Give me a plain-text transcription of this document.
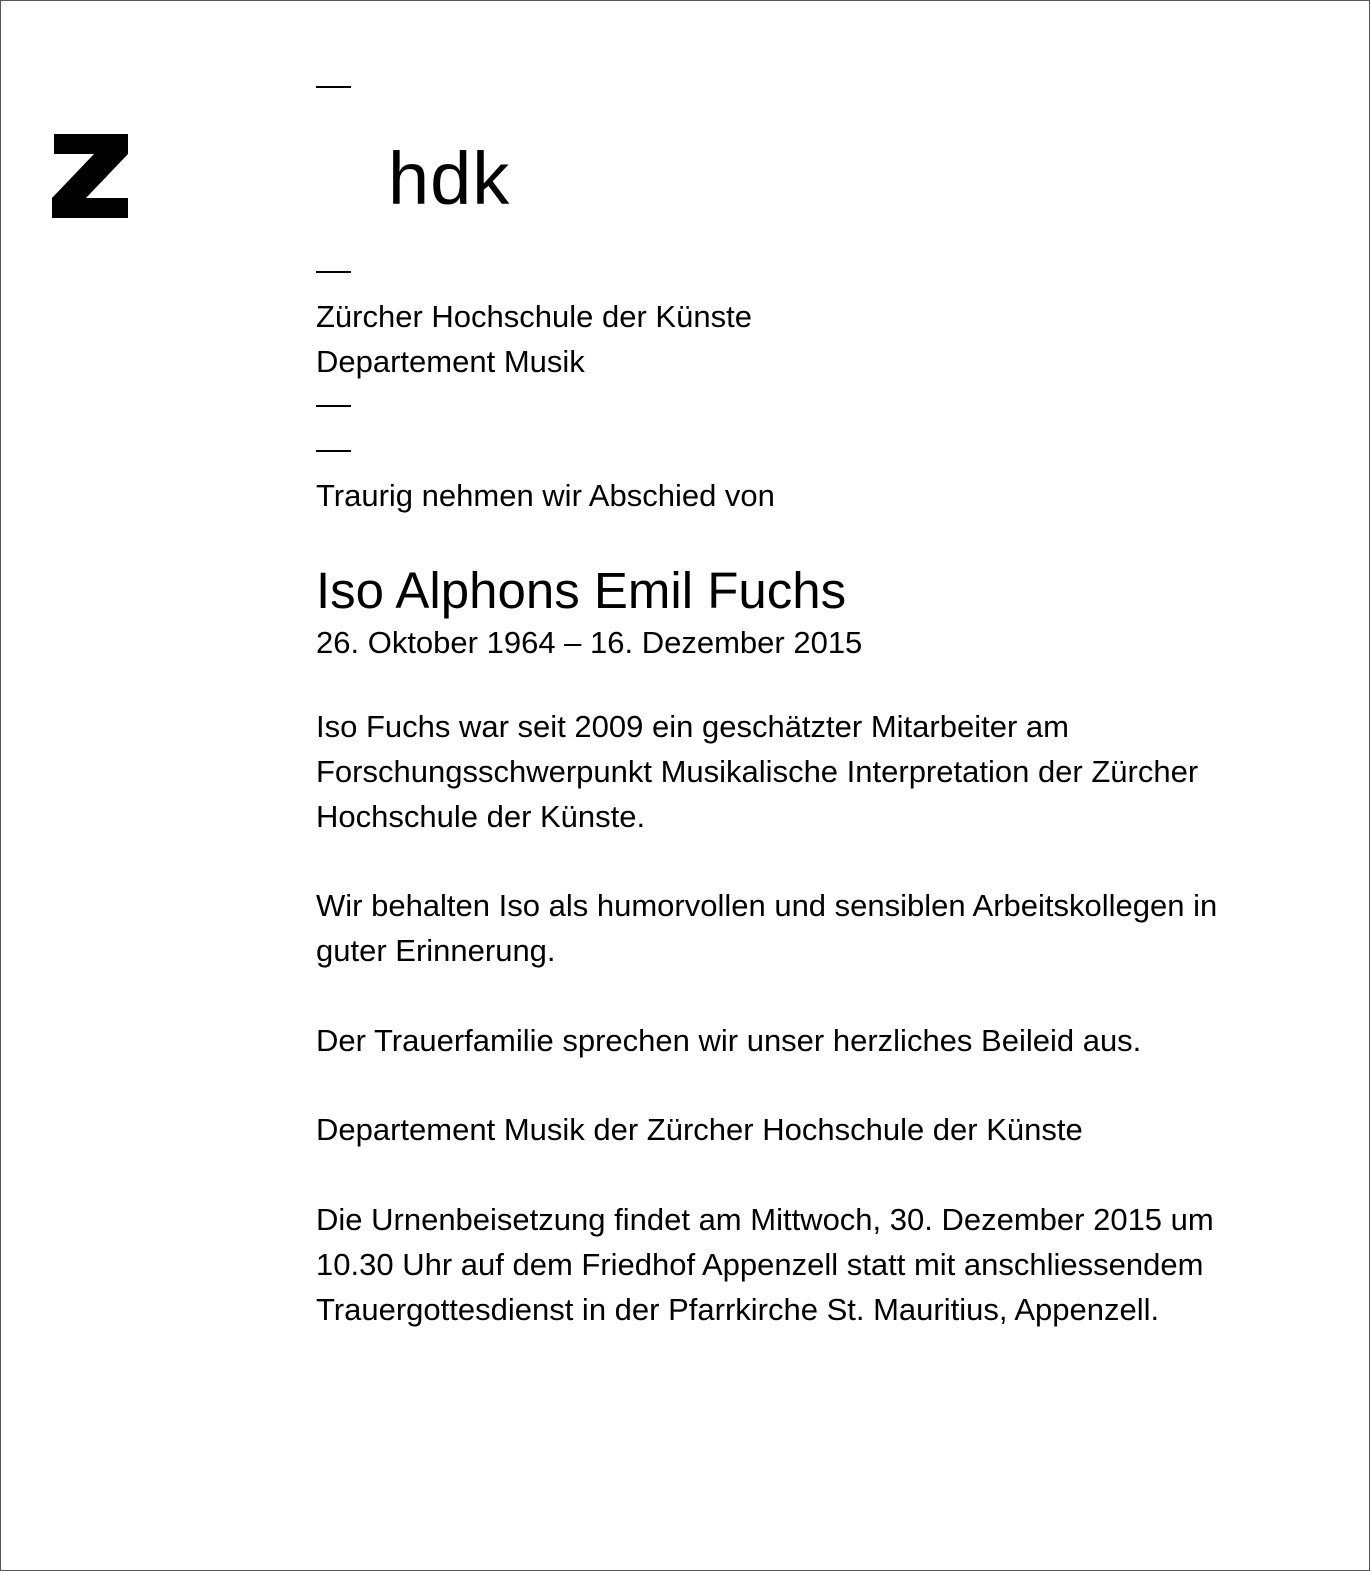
hdk
Zürcher Hochschule der Künste
Departement Musik
Traurig nehmen wir Abschied von
Iso Alphons Emil Fuchs
26. Oktober 1964 – 16. Dezember 2015
Iso Fuchs war seit 2009 ein geschätzter Mitarbeiter am
Forschungsschwerpunkt Musikalische Interpretation der Zürcher
Hochschule der Künste.
Wir behalten Iso als humorvollen und sensiblen Arbeitskollegen in
guter Erinnerung.
Der Trauerfamilie sprechen wir unser herzliches Beileid aus.
Departement Musik der Zürcher Hochschule der Künste
Die Urnenbeisetzung findet am Mittwoch, 30. Dezember 2015 um
10.30 Uhr auf dem Friedhof Appenzell statt mit anschliessendem
Trauergottesdienst in der Pfarrkirche St. Mauritius, Appenzell.
